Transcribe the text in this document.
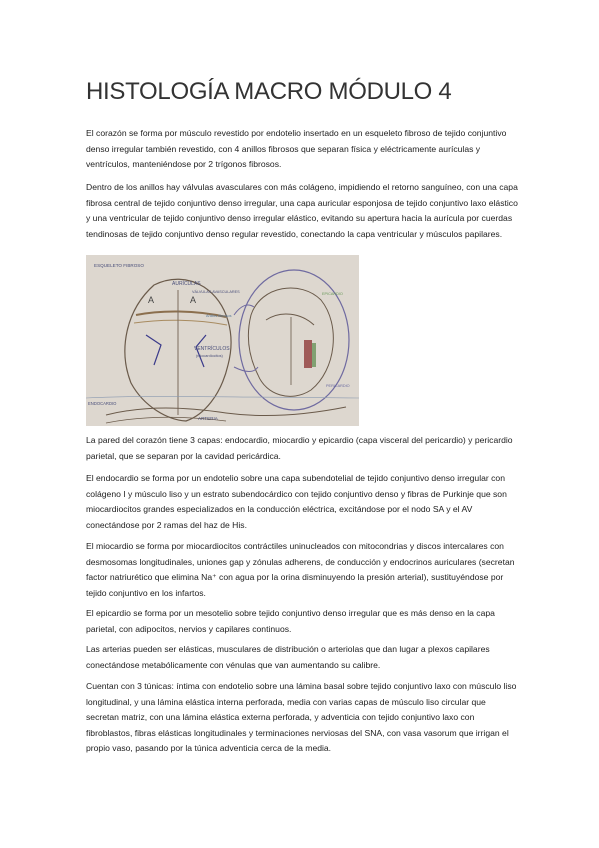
HISTOLOGÍA MACRO MÓDULO 4

El corazón se forma por músculo revestido por endotelio insertado en un esqueleto fibroso de tejido conjuntivo denso irregular también revestido, con 4 anillos fibrosos que separan física y eléctricamente aurículas y ventrículos, manteniéndose por 2 trígonos fibrosos.

Dentro de los anillos hay válvulas avasculares con más colágeno, impidiendo el retorno sanguíneo, con una capa fibrosa central de tejido conjuntivo denso irregular, una capa auricular esponjosa de tejido conjuntivo laxo elástico y una ventricular de tejido conjuntivo denso irregular elástico, evitando su apertura hacia la aurícula por cuerdas tendinosas de tejido conjuntivo denso regular revestido, conectando la capa ventricular y músculos papilares.

ESQUELETO FIBROSO
AURÍCULAS
A	A
VÁLVULAS AVASCULARES
Anillos fibrosos
VENTRÍCULOS
(miocardiocitos)
ENDOCARDIO
ARTERIA
EPICARDIO
PERICARDIO

La pared del corazón tiene 3 capas: endocardio, miocardio y epicardio (capa visceral del pericardio) y pericardio parietal, que se separan por la cavidad pericárdica.

El endocardio se forma por un endotelio sobre una capa subendotelial de tejido conjuntivo denso irregular con colágeno I y músculo liso y un estrato subendocárdico con tejido conjuntivo denso y fibras de Purkinje que son miocardiocitos grandes especializados en la conducción eléctrica, excitándose por el nodo SA y el AV conectándose por 2 ramas del haz de His.

El miocardio se forma por miocardiocitos contráctiles uninucleados con mitocondrias y discos intercalares con desmosomas longitudinales, uniones gap y zónulas adherens, de conducción y endocrinos auriculares (secretan factor natriurético que elimina Na⁺ con agua por la orina disminuyendo la presión arterial), sustituyéndose por tejido conjuntivo en los infartos.

El epicardio se forma por un mesotelio sobre tejido conjuntivo denso irregular que es más denso en la capa parietal, con adipocitos, nervios y capilares continuos.

Las arterias pueden ser elásticas, musculares de distribución o arteriolas que dan lugar a plexos capilares conectándose metabólicamente con vénulas que van aumentando su calibre.

Cuentan con 3 túnicas: íntima con endotelio sobre una lámina basal sobre tejido conjuntivo laxo con músculo liso longitudinal, y una lámina elástica interna perforada, media con varias capas de músculo liso circular que secretan matriz, con una lámina elástica externa perforada, y adventicia con tejido conjuntivo laxo con fibroblastos, fibras elásticas longitudinales y terminaciones nerviosas del SNA, con vasa vasorum que irrigan el propio vaso, pasando por la túnica adventicia cerca de la media.
